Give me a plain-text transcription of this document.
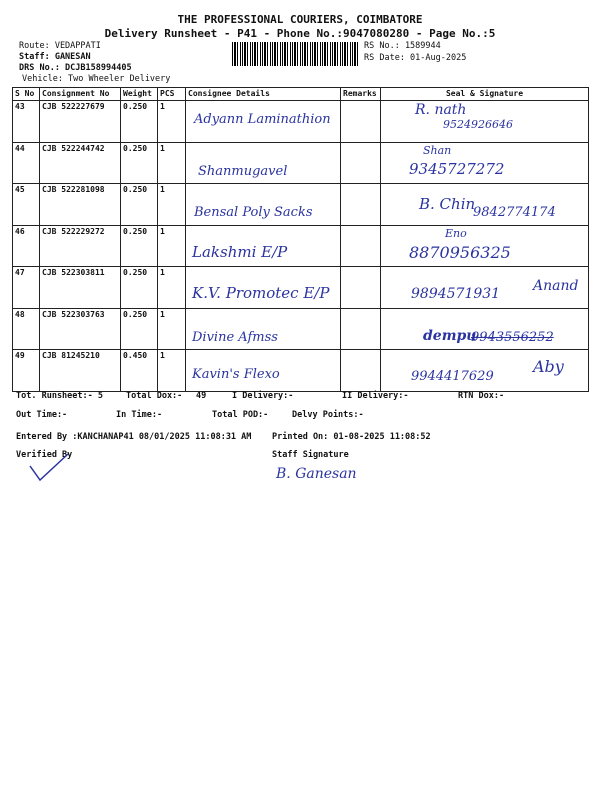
THE PROFESSIONAL COURIERS, COIMBATORE
Delivery Runsheet - P41 - Phone No.:9047080280 - Page No.:5
Route: VEDAPPATI
Staff: GANESAN
DRS No.: DCJB158994405
Vehicle: Two Wheeler Delivery
RS No.: 1589944
RS Date: 01-Aug-2025
S No	Consignment No	Weight	PCS	Consignee Details	Remarks	Seal & Signature
43	CJB 522227679	0.250	1	Adyann Laminathion		R. nath
9524926646

44	CJB 522244742	0.250	1	Shanmugavel		Shan
9345727272

45	CJB 522281098	0.250	1	Bensal Poly Sacks		B. Chin
9842774174

46	CJB 522229272	0.250	1	Lakshmi E/P		Eno
8870956325

47	CJB 522303811	0.250	1	K.V. Promotec E/P		9894571931 Anand

48	CJB 522303763	0.250	1	Divine Afmss		dempu
9943556252

49	CJB 81245210	0.450	1	Kavin's Flexo		9944417629
Aby
Tot. Runsheet:- 5	Total Dox:- 49	I Delivery:-	II Delivery:-	RTN Dox:-
Out Time:-	In Time:-	Total POD:-	Delvy Points:-
Entered By :KANCHANAP41 08/01/2025 11:08:31 AM Printed On: 01-08-2025 11:08:52
Verified By	Staff Signature
B. Ganesan
